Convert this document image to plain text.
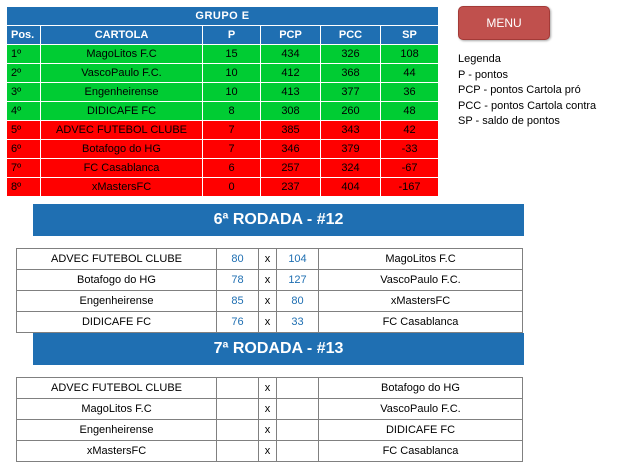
GRUPO E					
Pos.	CARTOLA	P	PCP	PCC	SP
1º	MagoLitos F.C	15	434	326	108
2º	VascoPaulo F.C.	10	412	368	44
3º	Engenheirense	10	413	377	36
4º	DIDICAFE FC	8	308	260	48
5º	ADVEC FUTEBOL CLUBE	7	385	343	42
6º	Botafogo do HG	7	346	379	-33
7º	FC Casablanca	6	257	324	-67
8º	xMastersFC	0	237	404	-167
MENU
Legenda
P - pontos
PCP - pontos Cartola pró
PCC - pontos Cartola contra
SP - saldo de pontos
6ª RODADA - #12
ADVEC FUTEBOL CLUBE	80	x	104	MagoLitos F.C
Botafogo do HG	78	x	127	VascoPaulo F.C.
Engenheirense	85	x	80	xMastersFC
DIDICAFE FC	76	x	33	FC Casablanca
7ª RODADA - #13
ADVEC FUTEBOL CLUBE		x		Botafogo do HG
MagoLitos F.C		x		VascoPaulo F.C.
Engenheirense		x		DIDICAFE FC
xMastersFC		x		FC Casablanca
